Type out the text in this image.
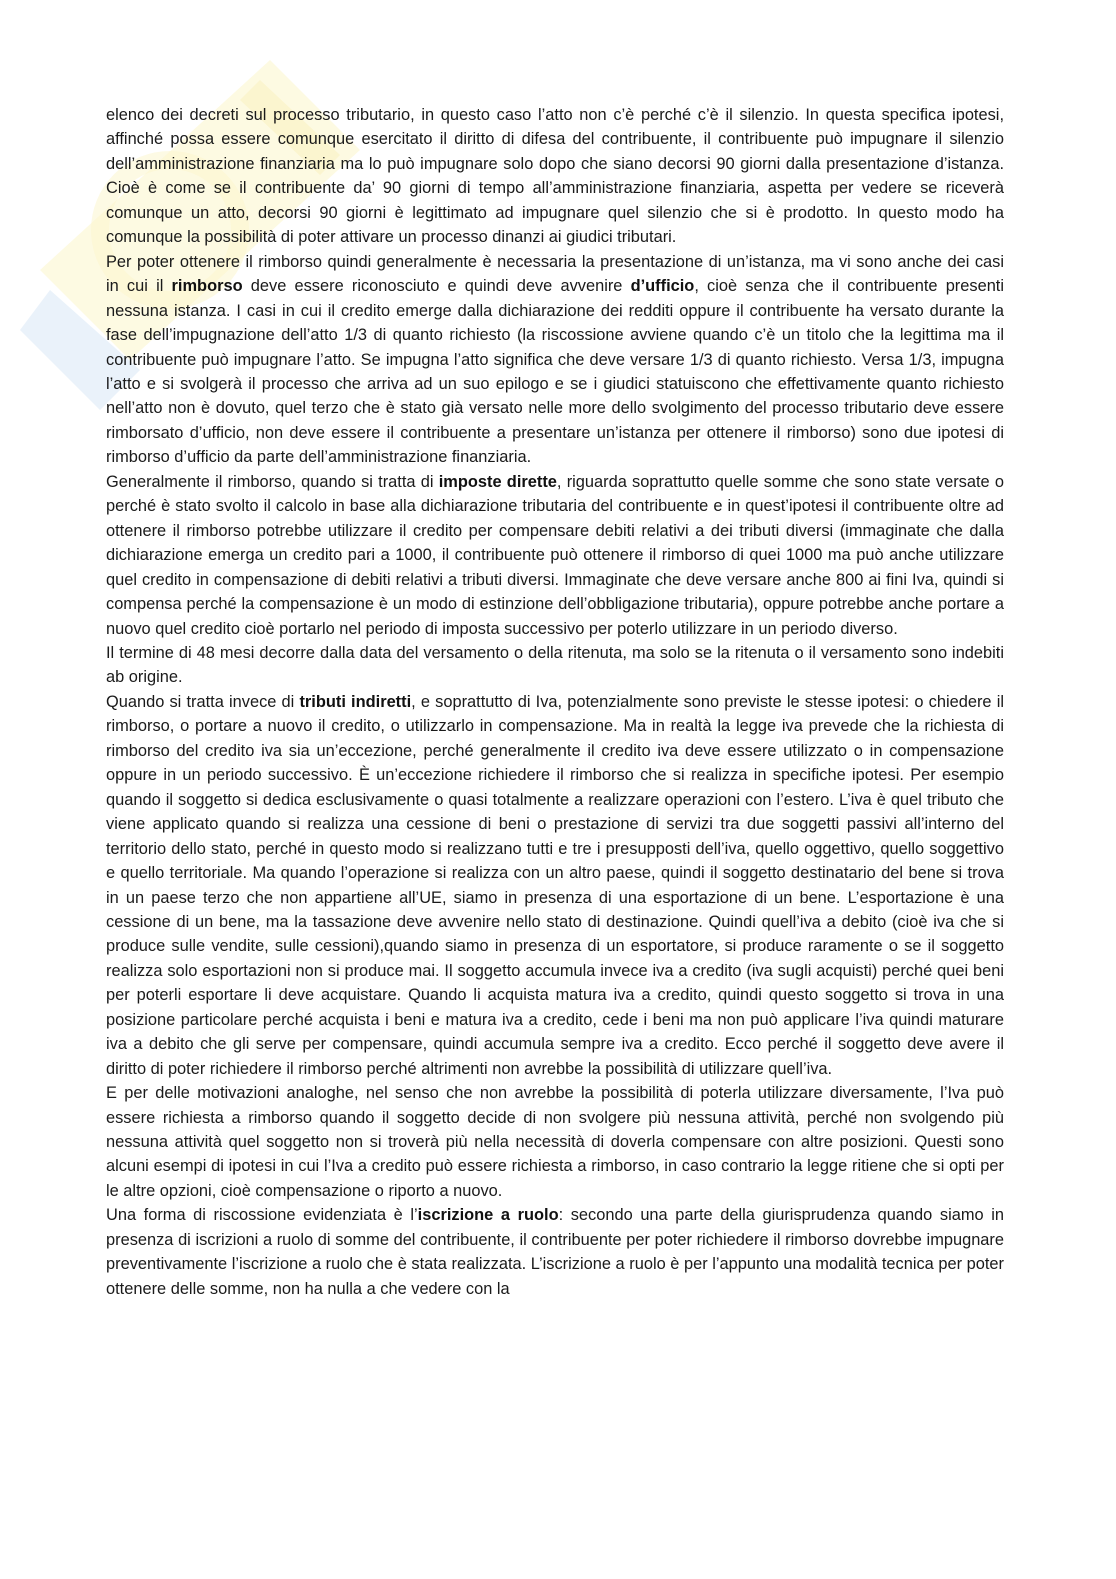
elenco dei decreti sul processo tributario, in questo caso l’atto non c’è perché c’è il silenzio. In questa specifica ipotesi, affinché possa essere comunque esercitato il diritto di difesa del contribuente, il contribuente può impugnare il silenzio dell’amministrazione finanziaria ma lo può impugnare solo dopo che siano decorsi 90 giorni dalla presentazione d’istanza. Cioè è come se il contribuente da’ 90 giorni di tempo all’amministrazione finanziaria, aspetta per vedere se riceverà comunque un atto, decorsi 90 giorni è legittimato ad impugnare quel silenzio che si è prodotto. In questo modo ha comunque la possibilità di poter attivare un processo dinanzi ai giudici tributari.

Per poter ottenere il rimborso quindi generalmente è necessaria la presentazione di un’istanza, ma vi sono anche dei casi in cui il rimborso deve essere riconosciuto e quindi deve avvenire d’ufficio, cioè senza che il contribuente presenti nessuna istanza. I casi in cui il credito emerge dalla dichiarazione dei redditi oppure il contribuente ha versato durante la fase dell’impugnazione dell’atto 1/3 di quanto richiesto (la riscossione avviene quando c’è un titolo che la legittima ma il contribuente può impugnare l’atto. Se impugna l’atto significa che deve versare 1/3 di quanto richiesto. Versa 1/3, impugna l’atto e si svolgerà il processo che arriva ad un suo epilogo e se i giudici statuiscono che effettivamente quanto richiesto nell’atto non è dovuto, quel terzo che è stato già versato nelle more dello svolgimento del processo tributario deve essere rimborsato d’ufficio, non deve essere il contribuente a presentare un’istanza per ottenere il rimborso) sono due ipotesi di rimborso d’ufficio da parte dell’amministrazione finanziaria.

Generalmente il rimborso, quando si tratta di imposte dirette, riguarda soprattutto quelle somme che sono state versate o perché è stato svolto il calcolo in base alla dichiarazione tributaria del contribuente e in quest’ipotesi il contribuente oltre ad ottenere il rimborso potrebbe utilizzare il credito per compensare debiti relativi a dei tributi diversi (immaginate che dalla dichiarazione emerga un credito pari a 1000, il contribuente può ottenere il rimborso di quei 1000 ma può anche utilizzare quel credito in compensazione di debiti relativi a tributi diversi. Immaginate che deve versare anche 800 ai fini Iva, quindi si compensa perché la compensazione è un modo di estinzione dell’obbligazione tributaria), oppure potrebbe anche portare a nuovo quel credito cioè portarlo nel periodo di imposta successivo per poterlo utilizzare in un periodo diverso.

Il termine di 48 mesi decorre dalla data del versamento o della ritenuta, ma solo se la ritenuta o il versamento sono indebiti ab origine.

Quando si tratta invece di tributi indiretti, e soprattutto di Iva, potenzialmente sono previste le stesse ipotesi: o chiedere il rimborso, o portare a nuovo il credito, o utilizzarlo in compensazione. Ma in realtà la legge iva prevede che la richiesta di rimborso del credito iva sia un’eccezione, perché generalmente il credito iva deve essere utilizzato o in compensazione oppure in un periodo successivo. È un’eccezione richiedere il rimborso che si realizza in specifiche ipotesi. Per esempio quando il soggetto si dedica esclusivamente o quasi totalmente a realizzare operazioni con l’estero. L’iva è quel tributo che viene applicato quando si realizza una cessione di beni o prestazione di servizi tra due soggetti passivi all’interno del territorio dello stato, perché in questo modo si realizzano tutti e tre i presupposti dell’iva, quello oggettivo, quello soggettivo e quello territoriale. Ma quando l’operazione si realizza con un altro paese, quindi il soggetto destinatario del bene si trova in un paese terzo che non appartiene all’UE, siamo in presenza di una esportazione di un bene. L’esportazione è una cessione di un bene, ma la tassazione deve avvenire nello stato di destinazione. Quindi quell’iva a debito (cioè iva che si produce sulle vendite, sulle cessioni),quando siamo in presenza di un esportatore, si produce raramente o se il soggetto realizza solo esportazioni non si produce mai. Il soggetto accumula invece iva a credito (iva sugli acquisti) perché quei beni per poterli esportare li deve acquistare. Quando li acquista matura iva a credito, quindi questo soggetto si trova in una posizione particolare perché acquista i beni e matura iva a credito, cede i beni ma non può applicare l’iva quindi maturare iva a debito che gli serve per compensare, quindi accumula sempre iva a credito. Ecco perché il soggetto deve avere il diritto di poter richiedere il rimborso perché altrimenti non avrebbe la possibilità di utilizzare quell’iva.

E per delle motivazioni analoghe, nel senso che non avrebbe la possibilità di poterla utilizzare diversamente, l’Iva può essere richiesta a rimborso quando il soggetto decide di non svolgere più nessuna attività, perché non svolgendo più nessuna attività quel soggetto non si troverà più nella necessità di doverla compensare con altre posizioni. Questi sono alcuni esempi di ipotesi in cui l’Iva a credito può essere richiesta a rimborso, in caso contrario la legge ritiene che si opti per le altre opzioni, cioè compensazione o riporto a nuovo.

Una forma di riscossione evidenziata è l’iscrizione a ruolo: secondo una parte della giurisprudenza quando siamo in presenza di iscrizioni a ruolo di somme del contribuente, il contribuente per poter richiedere il rimborso dovrebbe impugnare preventivamente l’iscrizione a ruolo che è stata realizzata. L’iscrizione a ruolo è per l’appunto una modalità tecnica per poter ottenere delle somme, non ha nulla a che vedere con la
